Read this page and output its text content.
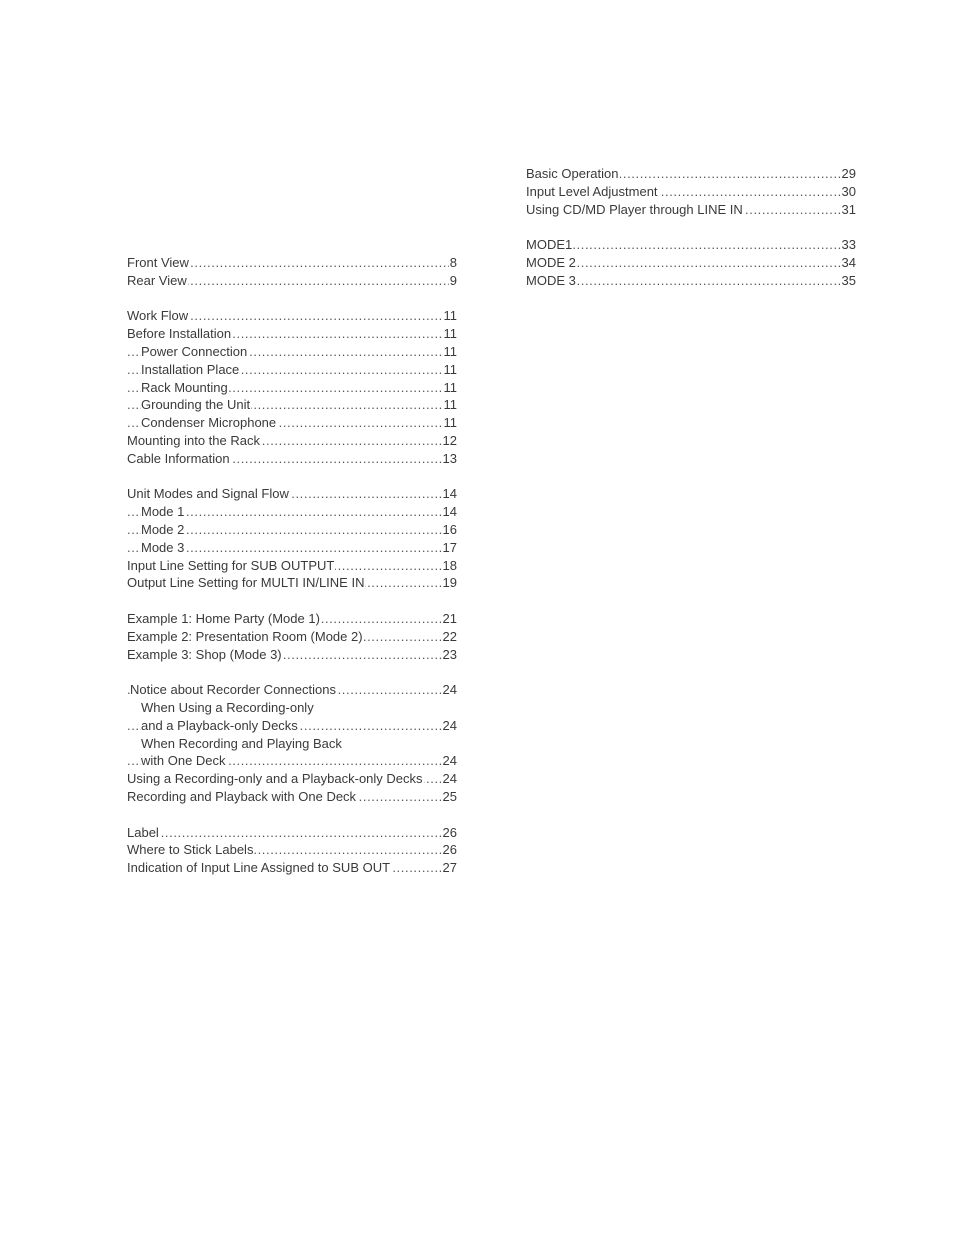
..... Front View	8
..... Rear View	9
..... Work Flow	11
..... Before Installation	11
..... Power Connection	11
..... Installation Place	11
..... Rack Mounting	11
..... Grounding the Unit	11
..... Condenser Microphone	11
..... Mounting into the Rack	12
..... Cable Information	13
..... Unit Modes and Signal Flow	14
..... Mode 1	14
..... Mode 2	16
..... Mode 3	17
..... Input Line Setting for SUB OUTPUT	18
..... Output Line Setting for MULTI IN/LINE IN	19
..... Example 1: Home Party (Mode 1)	21
..... Example 2: Presentation Room (Mode 2)	22
..... Example 3: Shop (Mode 3)	23
..... Notice about Recorder Connections	24
When Using a Recording-only
..... and a Playback-only Decks	24
When Recording and Playing Back
..... with One Deck	24
..... Using a Recording-only and a Playback-only Decks 24
..... Recording and Playback with One Deck	25
..... Label	26
..... Where to Stick Labels	26
..... Indication of Input Line Assigned to SUB OUT	27
..... Basic Operation	29
..... Input Level Adjustment	30
..... Using CD/MD Player through LINE IN	31
..... MODE1	33
..... MODE 2	34
..... MODE 3	35
